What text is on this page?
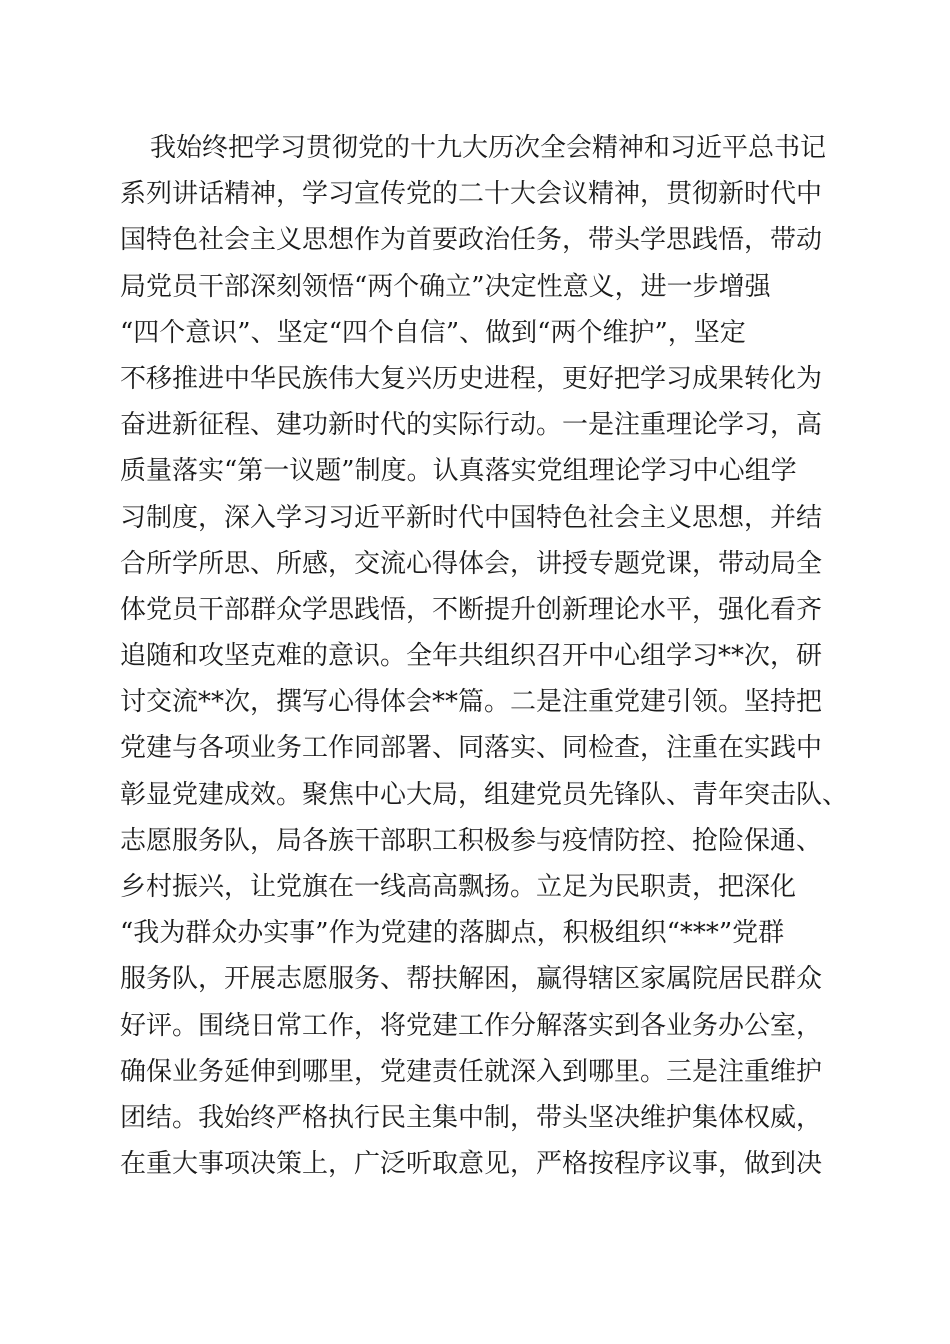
我始终把学习贯彻党的十九大历次全会精神和习近平总书记
系列讲话精神，学习宣传党的二十大会议精神，贯彻新时代中
国特色社会主义思想作为首要政治任务，带头学思践悟，带动
局党员干部深刻领悟“两个确立”决定性意义，进一步增强
“四个意识”、坚定“四个自信”、做到“两个维护”，坚定
不移推进中华民族伟大复兴历史进程，更好把学习成果转化为
奋进新征程、建功新时代的实际行动。一是注重理论学习，高
质量落实“第一议题”制度。认真落实党组理论学习中心组学
习制度，深入学习习近平新时代中国特色社会主义思想，并结
合所学所思、所感，交流心得体会，讲授专题党课，带动局全
体党员干部群众学思践悟，不断提升创新理论水平，强化看齐
追随和攻坚克难的意识。全年共组织召开中心组学习**次，研
讨交流**次，撰写心得体会**篇。二是注重党建引领。坚持把
党建与各项业务工作同部署、同落实、同检查，注重在实践中
彰显党建成效。聚焦中心大局，组建党员先锋队、青年突击队、
志愿服务队，局各族干部职工积极参与疫情防控、抢险保通、
乡村振兴，让党旗在一线高高飘扬。立足为民职责，把深化
“我为群众办实事”作为党建的落脚点，积极组织“***”党群
服务队，开展志愿服务、帮扶解困，赢得辖区家属院居民群众
好评。围绕日常工作，将党建工作分解落实到各业务办公室，
确保业务延伸到哪里，党建责任就深入到哪里。三是注重维护
团结。我始终严格执行民主集中制，带头坚决维护集体权威，
在重大事项决策上，广泛听取意见，严格按程序议事，做到决
